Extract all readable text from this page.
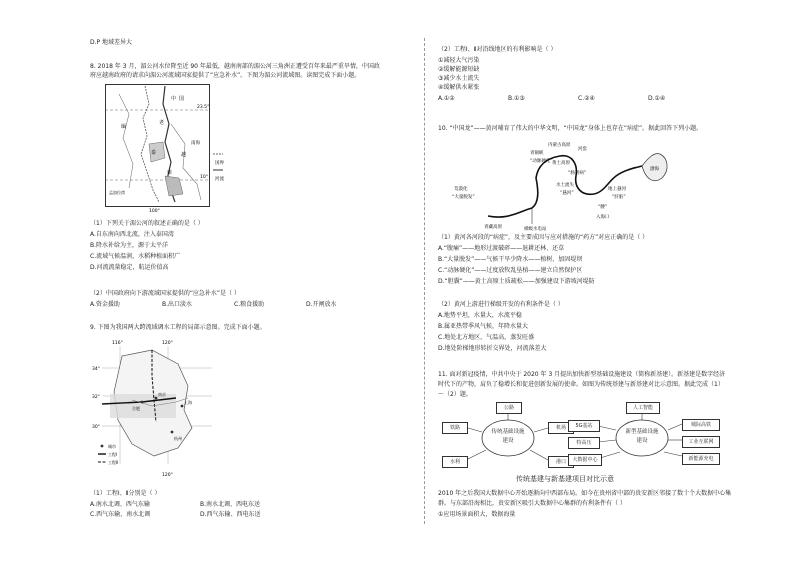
D.P 地域差异大
8. 2018 年 3 月，湄公河水位降至近 90 年最低，越南南部的湄公河三角洲正遭受百年来最严重旱情，中国政
府应越南政府的请求向湄公河流域国家提供了“应急补水”。下图为湄公河流域图。读图完成下面小题。
中 国
23.5°
10°
老
泰
柬
越
南海
缅
孟加拉湾
100°
河流
国界
（1）下列关于湄公河的叙述正确的是（ ）
A.自东南向西北流，注入泰国湾
B.降水补给为主，源于太平洋
C.流域气候温润，水稻种植面积广
D.河流流量稳定，航运价值高
（2）中国政府向下游流域国家提供的“应急补水”是（ ）
A.资金援助	B.出口淡水	C.粮食援助	D.开闸放水
9. 下图为我国两大跨流域调水工程的局部示意图。完成下面小题。
116°	120°
34°
32°
30°
合肥
南京
上海
杭州
城市
工程Ⅰ
工程Ⅱ
120°
（1）工程Ⅰ、Ⅱ分别是（ ）
A.南水北调、西气东输	B.南水北调、西电东送
C.西气东输、南水北调	D.西气东输、西电东送
（2）工程Ⅰ、Ⅱ对沿线地区的有利影响是（ ）
①减轻大气污染
②缓解能源短缺
③减少水土流失
④缓解供水紧张
A.①②	B.①③	C.②④	D.①④
10. “中国龙”——黄河哺育了伟大的中华文明，“中国龙”身体上也存在“病症”。据此回答下列小题。
内蒙古高原
青铜峡
河套
黄土高原
“动脉硬化”
“肠胃病”
水土流失
“悬河”
渤海
地上悬河
“肝脏”
“腰”
荒漠化
“大量脱发”
青藏高原	梯级水电站
入海口
（1）黄河各河段的“病症”，及主要成因与应对措施的“药方”对应正确的是（ ）
A.“腹痛”——地形过渡破碎——退耕还林、还草
B.“大量脱发”——气候干旱少降水——植树、加固堤坝
C.“动脉硬化”——过度放牧乱垦植——建立自然保护区
D.“胆囊”——黄土高原土质疏松——加强建设下游坡河堤防
（2）黄河上游进行梯级开发的有利条件是（ ）
A.地势平坦，水量大，水流平稳
B.属亚热带季风气候，年降水量大
C.地处北方地区，气温高，蒸发旺盛
D.地处阶梯地形转折交界处，河流落差大
11. 面对新冠疫情，中共中央于 2020 年 3 月提出加快新型基础设施建设（简称新基建）。新基建是数字经济
时代下的产物，肩负了稳增长和促进创新发展的使命。如图为传统基建与新基建对比示意图。据此完成（1）
～（2）题。
传统基础设施建设
新型基础设施建设
公路
铁路	机场
水利	港口
人工智能
5G基站
特高压
大数据中心
工业互联网
城际高铁
新能源充电
传统基建与新基建项目对比示意
2010 年之后我国大数据中心开始逐渐向中西部布局。如今在贵州省中部的贵安新区邻接了数十个大数据中心集
群。与东部沿海相比，贵安新区吸引大数据中心集群的有利条件有（ ）
①应用场景面积大，数据海量
